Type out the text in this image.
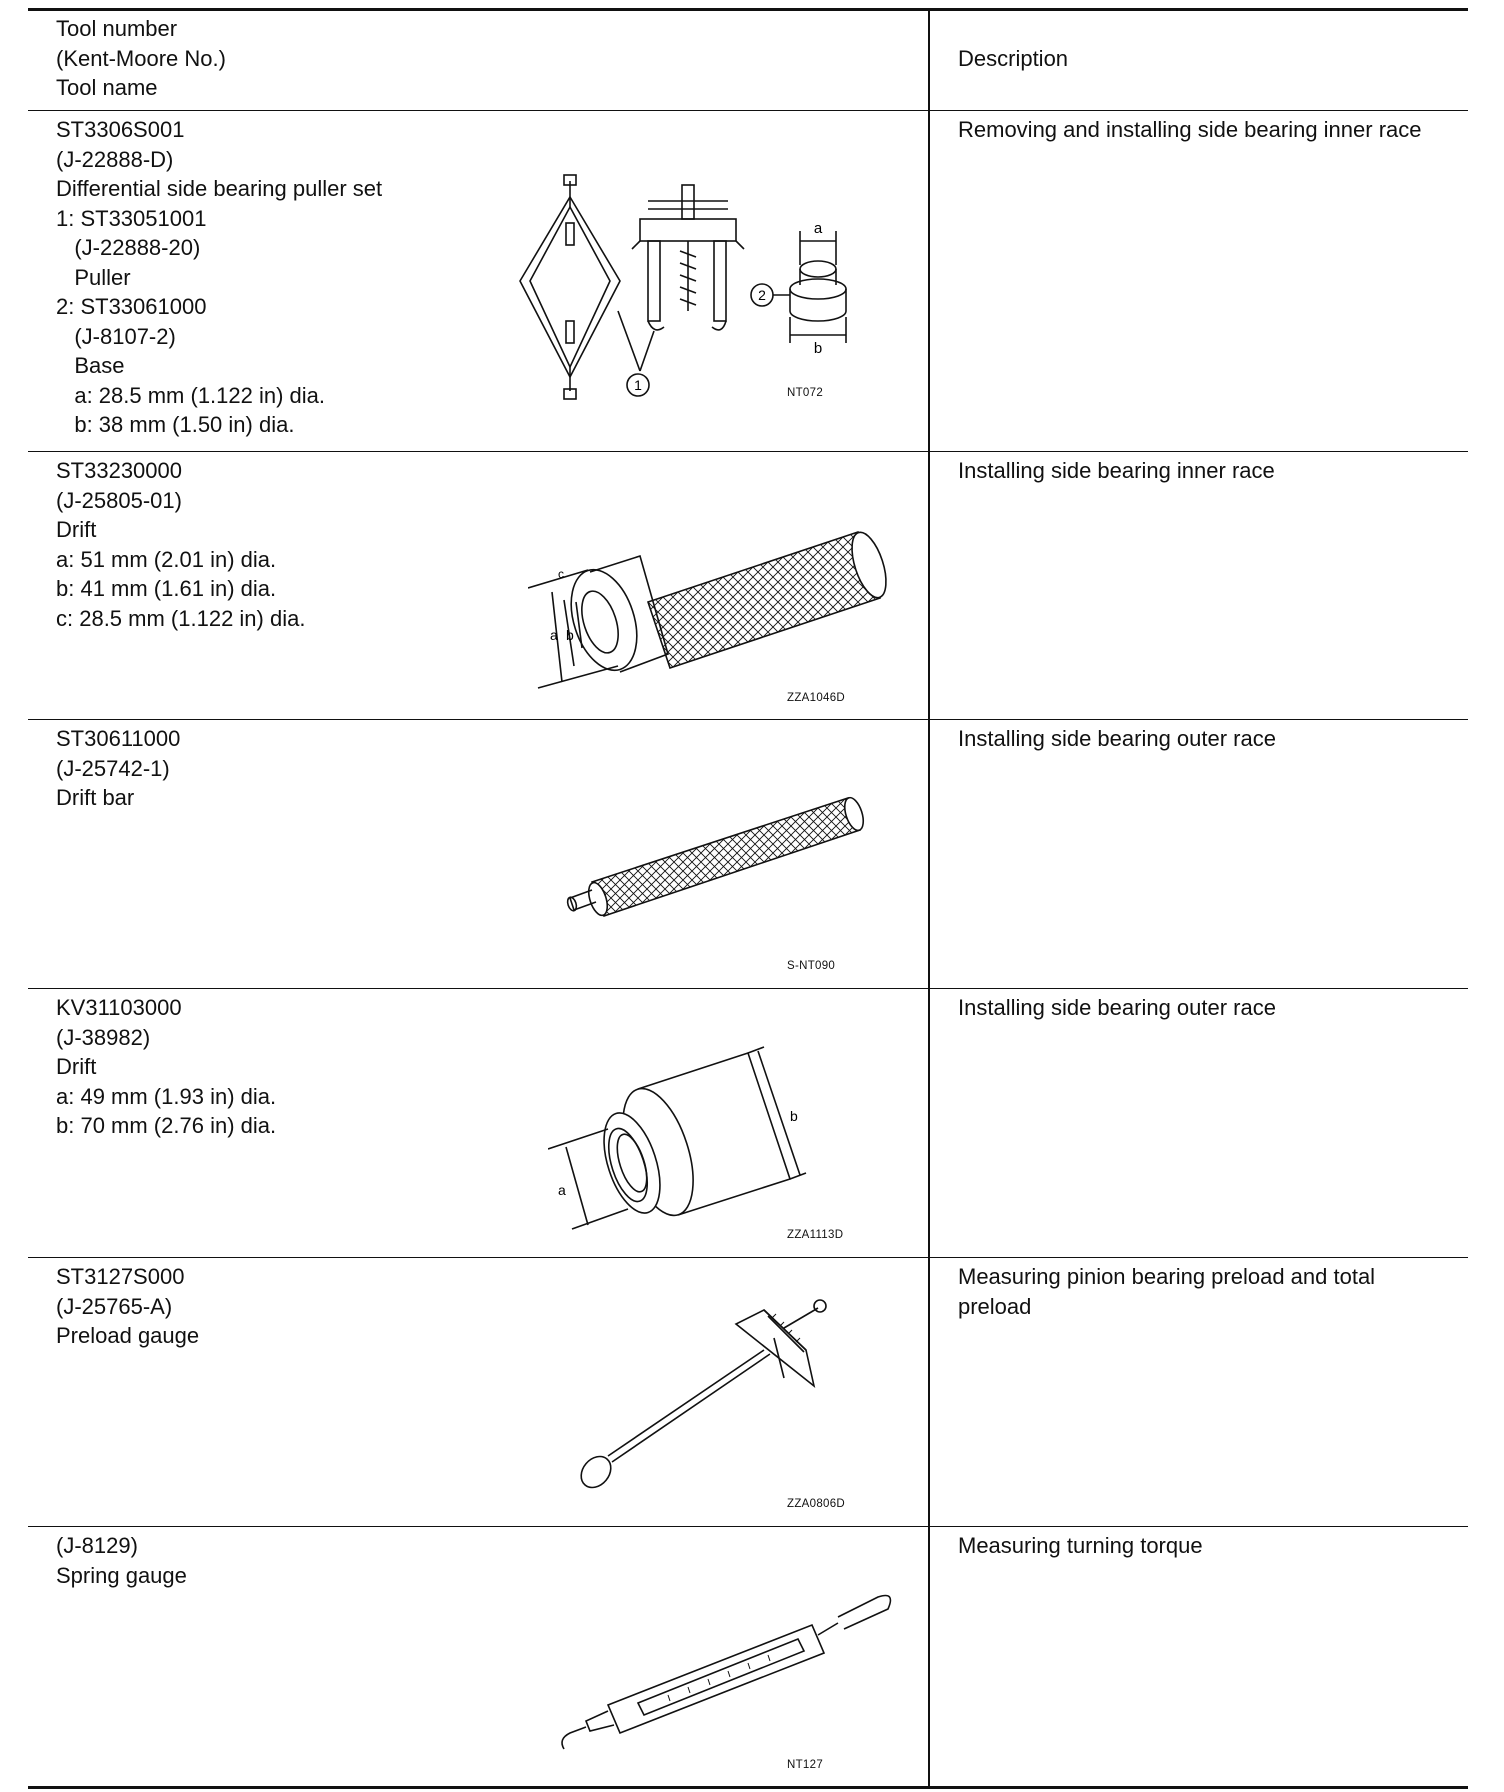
Tool number
(Kent-Moore No.)
Tool name
Description
ST3306S001
(J-22888-D)
Differential side bearing puller set
1: ST33051001
(J-22888-20)
Puller
2: ST33061000
(J-8107-2)
Base
a: 28.5 mm (1.122 in) dia.
b: 38 mm (1.50 in) dia.
Removing and installing side bearing inner race
a
b
1
2
NT072
ST33230000
(J-25805-01)
Drift
a: 51 mm (2.01 in) dia.
b: 41 mm (1.61 in) dia.
c: 28.5 mm (1.122 in) dia.
Installing side bearing inner race
a b
c
ZZA1046D
ST30611000
(J-25742-1)
Drift bar
Installing side bearing outer race
S-NT090
KV31103000
(J-38982)
Drift
a: 49 mm (1.93 in) dia.
b: 70 mm (2.76 in) dia.
Installing side bearing outer race
b
a
ZZA1113D
ST3127S000
(J-25765-A)
Preload gauge
Measuring pinion bearing preload and total preload
ZZA0806D
(J-8129)
Spring gauge
Measuring turning torque
NT127
